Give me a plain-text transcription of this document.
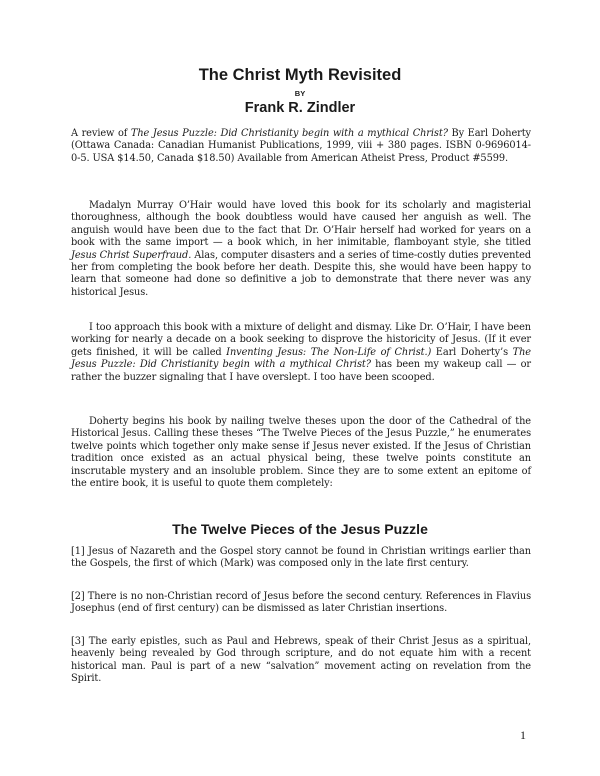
The Christ Myth Revisited
BY
Frank R. Zindler

A review of The Jesus Puzzle: Did Christianity begin with a mythical Christ? By Earl Doherty (Ottawa Canada: Canadian Humanist Publications, 1999, viii + 380 pages. ISBN 0-9696014-0-5. USA $14.50, Canada $18.50) Available from American Atheist Press, Product #5599.

Madalyn Murray O’Hair would have loved this book for its scholarly and magisterial thoroughness, although the book doubtless would have caused her anguish as well. The anguish would have been due to the fact that Dr. O’Hair herself had worked for years on a book with the same import — a book which, in her inimitable, flamboyant style, she titled Jesus Christ Superfraud. Alas, computer disasters and a series of time-costly duties prevented her from completing the book before her death. Despite this, she would have been happy to learn that someone had done so definitive a job to demonstrate that there never was any historical Jesus.

I too approach this book with a mixture of delight and dismay. Like Dr. O’Hair, I have been working for nearly a decade on a book seeking to disprove the historicity of Jesus. (If it ever gets finished, it will be called Inventing Jesus: The Non-Life of Christ.) Earl Doherty’s The Jesus Puzzle: Did Christianity begin with a mythical Christ? has been my wakeup call — or rather the buzzer signaling that I have overslept. I too have been scooped.

Doherty begins his book by nailing twelve theses upon the door of the Cathedral of the Historical Jesus. Calling these theses “The Twelve Pieces of the Jesus Puzzle,” he enumerates twelve points which together only make sense if Jesus never existed. If the Jesus of Christian tradition once existed as an actual physical being, these twelve points constitute an inscrutable mystery and an insoluble problem. Since they are to some extent an epitome of the entire book, it is useful to quote them completely:

The Twelve Pieces of the Jesus Puzzle

[1] Jesus of Nazareth and the Gospel story cannot be found in Christian writings earlier than the Gospels, the first of which (Mark) was composed only in the late first century.

[2] There is no non-Christian record of Jesus before the second century. References in Flavius Josephus (end of first century) can be dismissed as later Christian insertions.

[3] The early epistles, such as Paul and Hebrews, speak of their Christ Jesus as a spiritual, heavenly being revealed by God through scripture, and do not equate him with a recent historical man. Paul is part of a new “salvation” movement acting on revelation from the Spirit.

1
